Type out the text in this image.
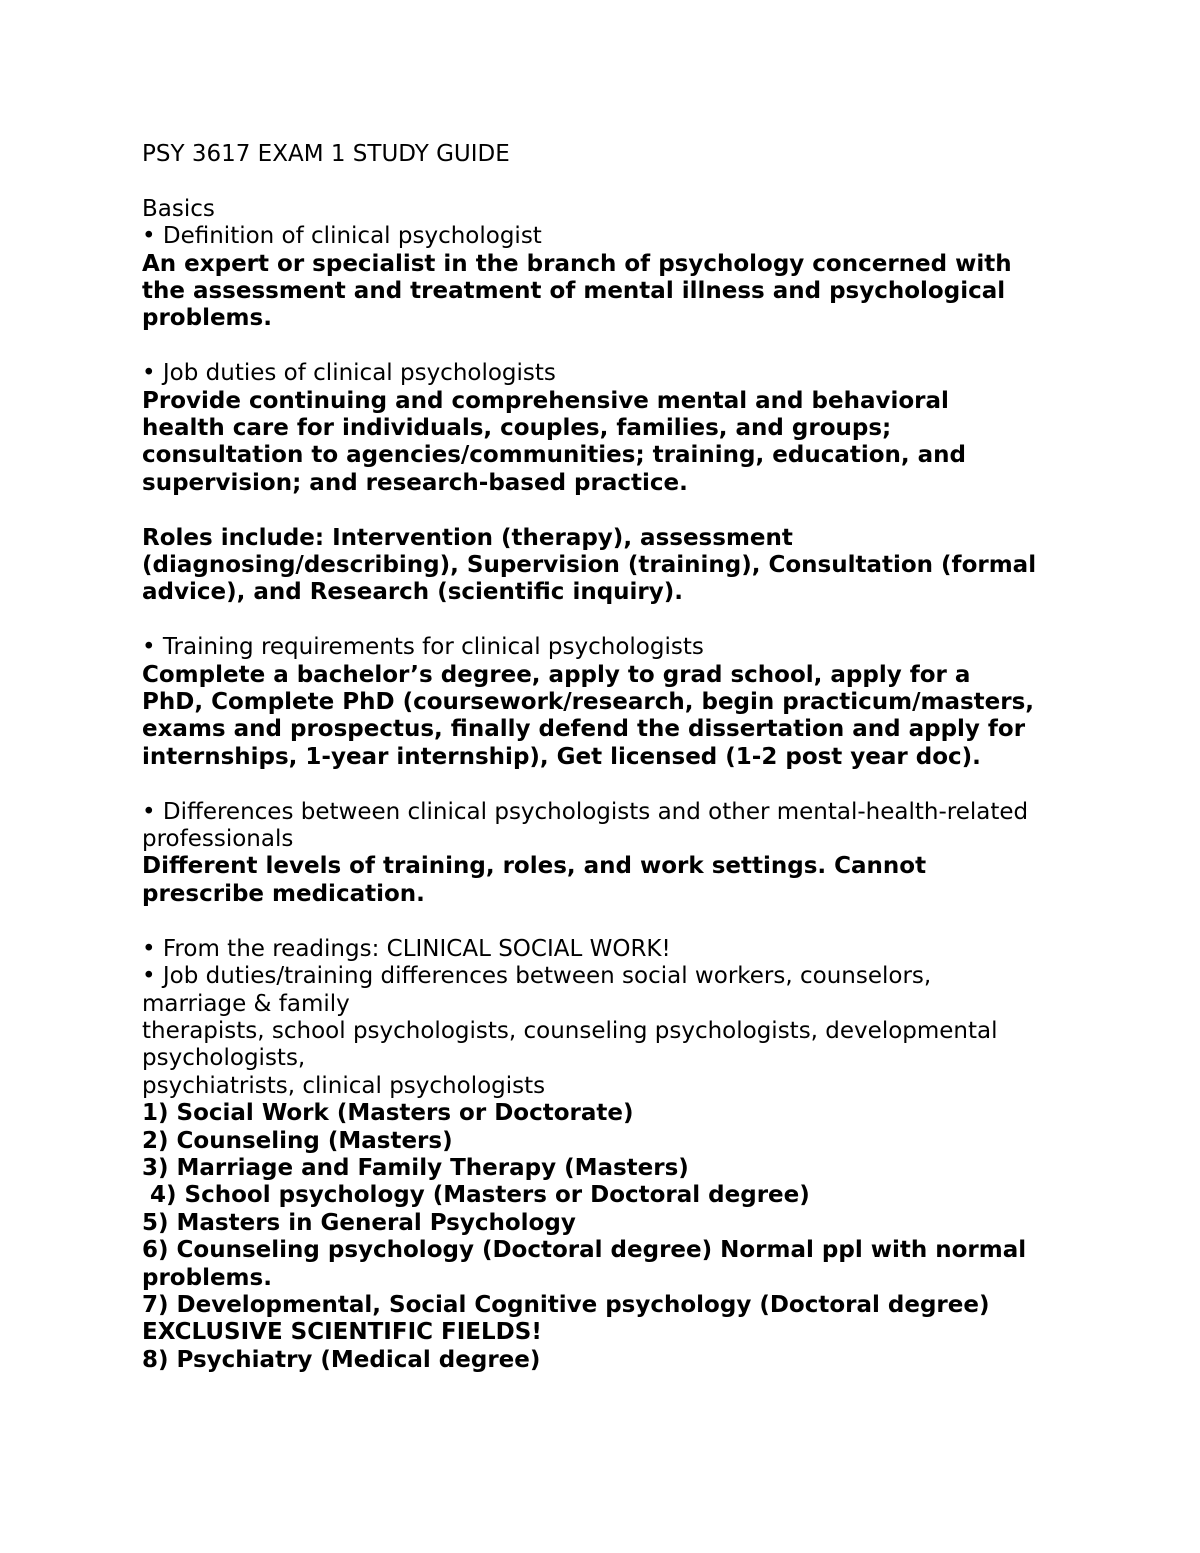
PSY 3617 EXAM 1 STUDY GUIDE
Basics
• Definition of clinical psychologist
An expert or specialist in the branch of psychology concerned with
the assessment and treatment of mental illness and psychological
problems.
• Job duties of clinical psychologists
Provide continuing and comprehensive mental and behavioral
health care for individuals, couples, families, and groups;
consultation to agencies/communities; training, education, and
supervision; and research-based practice.
Roles include: Intervention (therapy), assessment
(diagnosing/describing), Supervision (training), Consultation (formal
advice), and Research (scientific inquiry).
• Training requirements for clinical psychologists
Complete a bachelor’s degree, apply to grad school, apply for a
PhD, Complete PhD (coursework/research, begin practicum/masters,
exams and prospectus, finally defend the dissertation and apply for
internships, 1-year internship), Get licensed (1-2 post year doc).
• Differences between clinical psychologists and other mental-health-related
professionals
Different levels of training, roles, and work settings. Cannot
prescribe medication.
• From the readings: CLINICAL SOCIAL WORK!
• Job duties/training differences between social workers, counselors,
marriage & family
therapists, school psychologists, counseling psychologists, developmental
psychologists,
psychiatrists, clinical psychologists
1) Social Work (Masters or Doctorate)
2) Counseling (Masters)
3) Marriage and Family Therapy (Masters)
4) School psychology (Masters or Doctoral degree)
5) Masters in General Psychology
6) Counseling psychology (Doctoral degree) Normal ppl with normal
problems.
7) Developmental, Social Cognitive psychology (Doctoral degree)
EXCLUSIVE SCIENTIFIC FIELDS!
8) Psychiatry (Medical degree)
